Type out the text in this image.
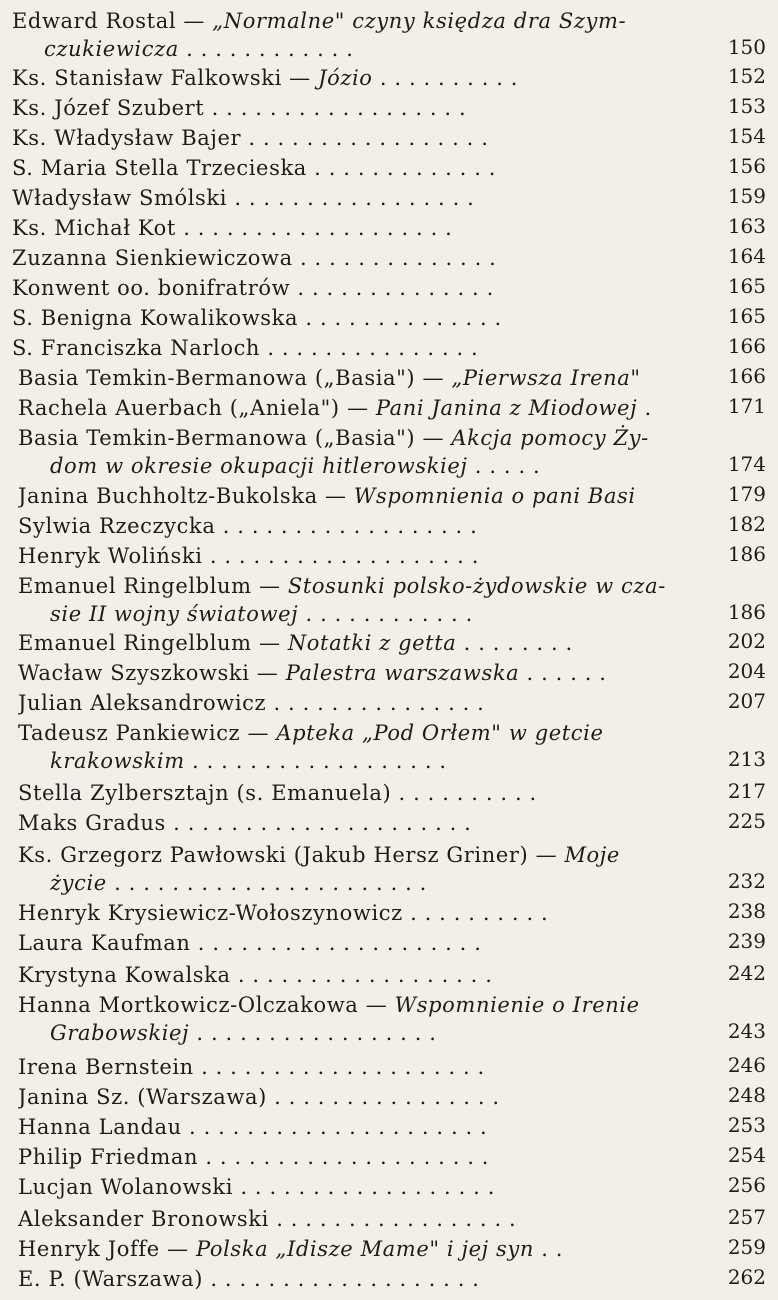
Edward Rostal — „Normalne" czyny księdza dra Szym-
czukiewicza . . . . . . . . . . . .	150
Ks. Stanisław Falkowski — Józio . . . . . . . . . .	152
Ks. Józef Szubert . . . . . . . . . . . . . . . . . .	153
Ks. Władysław Bajer . . . . . . . . . . . . . . . . .	154
S. Maria Stella Trzecieska . . . . . . . . . . . . .	156
Władysław Smólski . . . . . . . . . . . . . . . . .	159
Ks. Michał Kot . . . . . . . . . . . . . . . . . . .	163
Zuzanna Sienkiewiczowa . . . . . . . . . . . . . .	164
Konwent oo. bonifratrów . . . . . . . . . . . . . .	165
S. Benigna Kowalikowska . . . . . . . . . . . . . .	165
S. Franciszka Narloch . . . . . . . . . . . . . . .	166
Basia Temkin-Bermanowa („Basia") — „Pierwsza Irena"	166
Rachela Auerbach („Aniela") — Pani Janina z Miodowej .	171
Basia Temkin-Bermanowa („Basia") — Akcja pomocy Ży-
dom w okresie okupacji hitlerowskiej . . . . .	174
Janina Buchholtz-Bukolska — Wspomnienia o pani Basi	179
Sylwia Rzeczycka . . . . . . . . . . . . . . . . . .	182
Henryk Woliński . . . . . . . . . . . . . . . . . . .	186
Emanuel Ringelblum — Stosunki polsko-żydowskie w cza-
sie II wojny światowej . . . . . . . . . . . .	186
Emanuel Ringelblum — Notatki z getta . . . . . . . .	202
Wacław Szyszkowski — Palestra warszawska . . . . . .	204
Julian Aleksandrowicz . . . . . . . . . . . . . . .	207
Tadeusz Pankiewicz — Apteka „Pod Orłem" w getcie
krakowskim . . . . . . . . . . . . . . . . . .	213
Stella Zylbersztajn (s. Emanuela) . . . . . . . . . .	217
Maks Gradus . . . . . . . . . . . . . . . . . . . . .	225
Ks. Grzegorz Pawłowski (Jakub Hersz Griner) — Moje
życie . . . . . . . . . . . . . . . . . . . . . .	232
Henryk Krysiewicz-Wołoszynowicz . . . . . . . . . .	238
Laura Kaufman . . . . . . . . . . . . . . . . . . . .	239
Krystyna Kowalska . . . . . . . . . . . . . . . . . .	242
Hanna Mortkowicz-Olczakowa — Wspomnienie o Irenie
Grabowskiej . . . . . . . . . . . . . . . . .	243
Irena Bernstein . . . . . . . . . . . . . . . . . . . .	246
Janina Sz. (Warszawa) . . . . . . . . . . . . . . . .	248
Hanna Landau . . . . . . . . . . . . . . . . . . . . .	253
Philip Friedman . . . . . . . . . . . . . . . . . . . .	254
Lucjan Wolanowski . . . . . . . . . . . . . . . . . .	256
Aleksander Bronowski . . . . . . . . . . . . . . . . .	257
Henryk Joffe — Polska „Idisze Mame" i jej syn . .	259
E. P. (Warszawa) . . . . . . . . . . . . . . . . . . .	262
